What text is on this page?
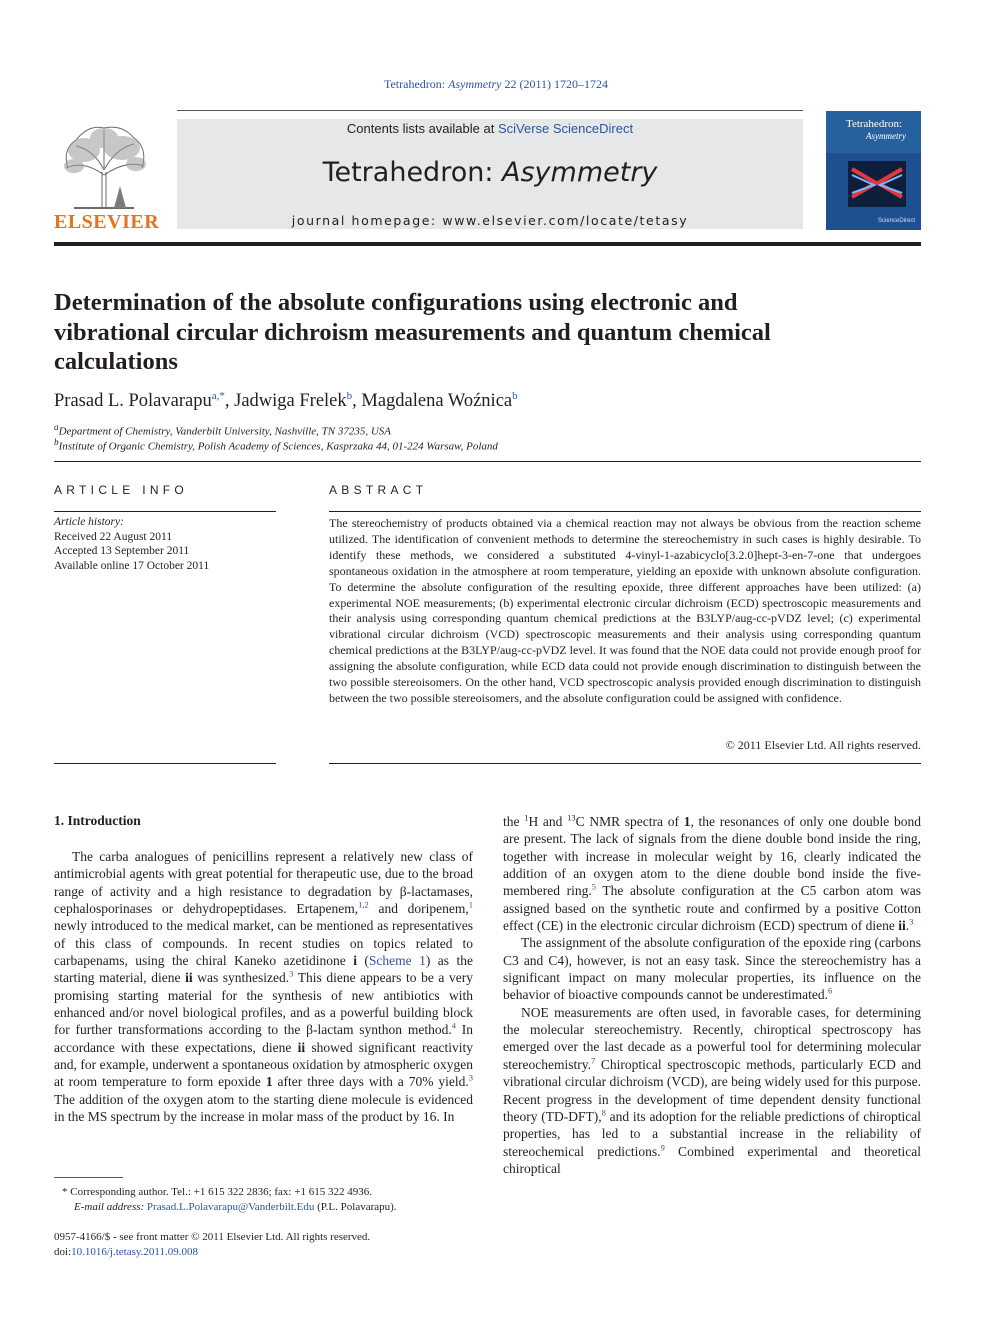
Tetrahedron: Asymmetry 22 (2011) 1720–1724
ELSEVIER
Contents lists available at SciVerse ScienceDirect
Tetrahedron: Asymmetry
journal homepage: www.elsevier.com/locate/tetasy
Tetrahedron:
Asymmetry
ScienceDirect
Determination of the absolute configurations using electronic and
vibrational circular dichroism measurements and quantum chemical
calculations
Prasad L. Polavarapu$^{a,*}$, Jadwiga Frelek$^b$, Magdalena Woźnica$^b$
$^a$Department of Chemistry, Vanderbilt University, Nashville, TN 37235, USA
$^b$Institute of Organic Chemistry, Polish Academy of Sciences, Kasprzaka 44, 01-224 Warsaw, Poland
ARTICLE INFO
Article history:
Received 22 August 2011
Accepted 13 September 2011
Available online 17 October 2011
ABSTRACT
The stereochemistry of products obtained via a chemical reaction may not always be obvious from the reaction scheme utilized. The identification of convenient methods to determine the stereochemistry in such cases is highly desirable. To identify these methods, we considered a substituted 4-vinyl-1-azabicyclo[3.2.0]hept-3-en-7-one that undergoes spontaneous oxidation in the atmosphere at room temperature, yielding an epoxide with unknown absolute configuration. To determine the absolute configuration of the resulting epoxide, three different approaches have been utilized: (a) experimental NOE measurements; (b) experimental electronic circular dichroism (ECD) spectroscopic measurements and their analysis using corresponding quantum chemical predictions at the B3LYP/aug-cc-pVDZ level; (c) experimental vibrational circular dichroism (VCD) spectroscopic measurements and their analysis using corresponding quantum chemical predictions at the B3LYP/aug-cc-pVDZ level. It was found that the NOE data could not provide enough proof for assigning the absolute configuration, while ECD data could not provide enough discrimination to distinguish between the two possible stereoisomers. On the other hand, VCD spectroscopic analysis provided enough discrimination to distinguish between the two possible stereoisomers, and the absolute configuration could be assigned with confidence.
© 2011 Elsevier Ltd. All rights reserved.
1. Introduction

The carba analogues of penicillins represent a relatively new class of antimicrobial agents with great potential for therapeutic use, due to the broad range of activity and a high resistance to degradation by β-lactamases, cephalosporinases or dehydropeptidases. Ertapenem,$^{1,2}$ and doripenem,$^1$ newly introduced to the medical market, can be mentioned as representatives of this class of compounds. In recent studies on topics related to carbapenams, using the chiral Kaneko azetidinone i (Scheme 1) as the starting material, diene ii was synthesized.$^3$ This diene appears to be a very promising starting material for the synthesis of new antibiotics with enhanced and/or novel biological profiles, and as a powerful building block for further transformations according to the β-lactam synthon method.$^4$ In accordance with these expectations, diene ii showed significant reactivity and, for example, underwent a spontaneous oxidation by atmospheric oxygen at room temperature to form epoxide 1 after three days with a 70% yield.$^3$ The addition of the oxygen atom to the starting diene molecule is evidenced in the MS spectrum by the increase in molar mass of the product by 16. In

the $^1$H and $^{13}$C NMR spectra of 1, the resonances of only one double bond are present. The lack of signals from the diene double bond inside the ring, together with increase in molecular weight by 16, clearly indicated the addition of an oxygen atom to the diene double bond inside the five-membered ring.$^5$ The absolute configuration at the C5 carbon atom was assigned based on the synthetic route and confirmed by a positive Cotton effect (CE) in the electronic circular dichroism (ECD) spectrum of diene ii.$^3$

The assignment of the absolute configuration of the epoxide ring (carbons C3 and C4), however, is not an easy task. Since the stereochemistry has a significant impact on many molecular properties, its influence on the behavior of bioactive compounds cannot be underestimated.$^6$

NOE measurements are often used, in favorable cases, for determining the molecular stereochemistry. Recently, chiroptical spectroscopy has emerged over the last decade as a powerful tool for determining molecular stereochemistry.$^7$ Chiroptical spectroscopic methods, particularly ECD and vibrational circular dichroism (VCD), are being widely used for this purpose. Recent progress in the development of time dependent density functional theory (TD-DFT),$^8$ and its adoption for the reliable predictions of chiroptical properties, has led to a substantial increase in the reliability of stereochemical predictions.$^9$ Combined experimental and theoretical chiroptical

* Corresponding author. Tel.: +1 615 322 2836; fax: +1 615 322 4936.
E-mail address: Prasad.L.Polavarapu@Vanderbilt.Edu (P.L. Polavarapu).
0957-4166/$ - see front matter © 2011 Elsevier Ltd. All rights reserved.
doi:10.1016/j.tetasy.2011.09.008
